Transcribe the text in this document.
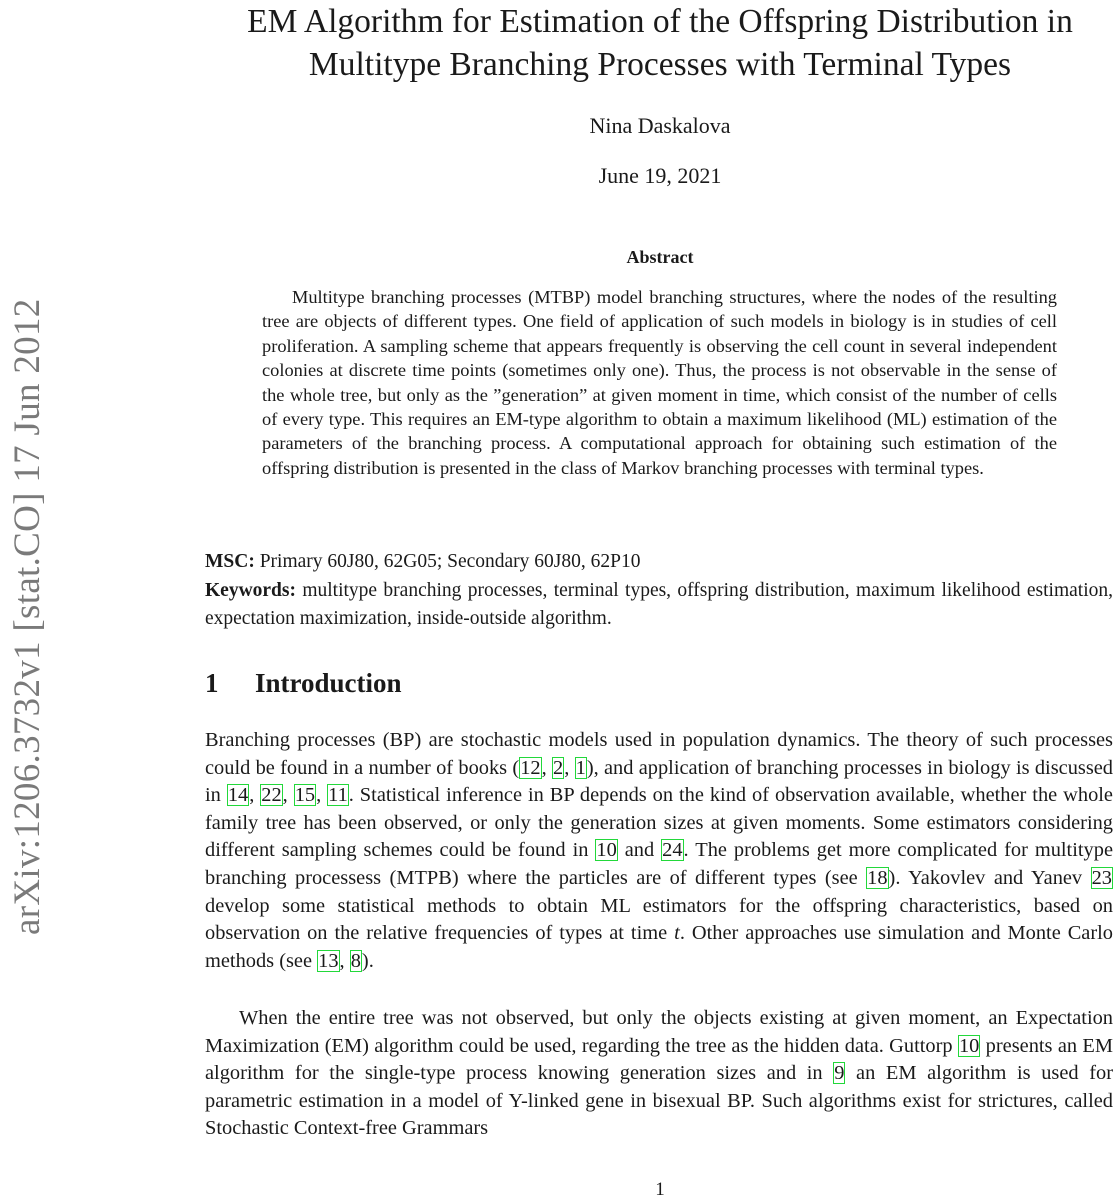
arXiv:1206.3732v1 [stat.CO] 17 Jun 2012
EM Algorithm for Estimation of the Offspring Distribution in
Multitype Branching Processes with Terminal Types
Nina Daskalova
June 19, 2021
Abstract
Multitype branching processes (MTBP) model branching structures, where the nodes of the resulting tree are objects of different types. One field of application of such models in biology is in studies of cell proliferation. A sampling scheme that appears frequently is observing the cell count in several independent colonies at discrete time points (sometimes only one). Thus, the process is not observable in the sense of the whole tree, but only as the ”generation” at given moment in time, which consist of the number of cells of every type. This requires an EM-type algorithm to obtain a maximum likelihood (ML) estimation of the parameters of the branching process. A computational approach for obtaining such estimation of the offspring distribution is presented in the class of Markov branching processes with terminal types.
MSC: Primary 60J80, 62G05; Secondary 60J80, 62P10
Keywords: multitype branching processes, terminal types, offspring distribution, maximum likelihood estimation, expectation maximization, inside-outside algorithm.
1 Introduction
Branching processes (BP) are stochastic models used in population dynamics. The theory of such processes could be found in a number of books (12, 2, 1), and application of branching processes in biology is discussed in 14, 22, 15, 11. Statistical inference in BP depends on the kind of observation available, whether the whole family tree has been observed, or only the generation sizes at given moments. Some estimators considering different sampling schemes could be found in 10 and 24. The problems get more complicated for multitype branching processess (MTPB) where the particles are of different types (see 18). Yakovlev and Yanev 23 develop some statistical methods to obtain ML estimators for the offspring characteristics, based on observation on the relative frequencies of types at time t. Other approaches use simulation and Monte Carlo methods (see 13, 8).
When the entire tree was not observed, but only the objects existing at given moment, an Expectation Maximization (EM) algorithm could be used, regarding the tree as the hidden data. Guttorp 10 presents an EM algorithm for the single-type process knowing generation sizes and in 9 an EM algorithm is used for parametric estimation in a model of Y-linked gene in bisexual BP. Such algorithms exist for strictures, called Stochastic Context-free Grammars
1
